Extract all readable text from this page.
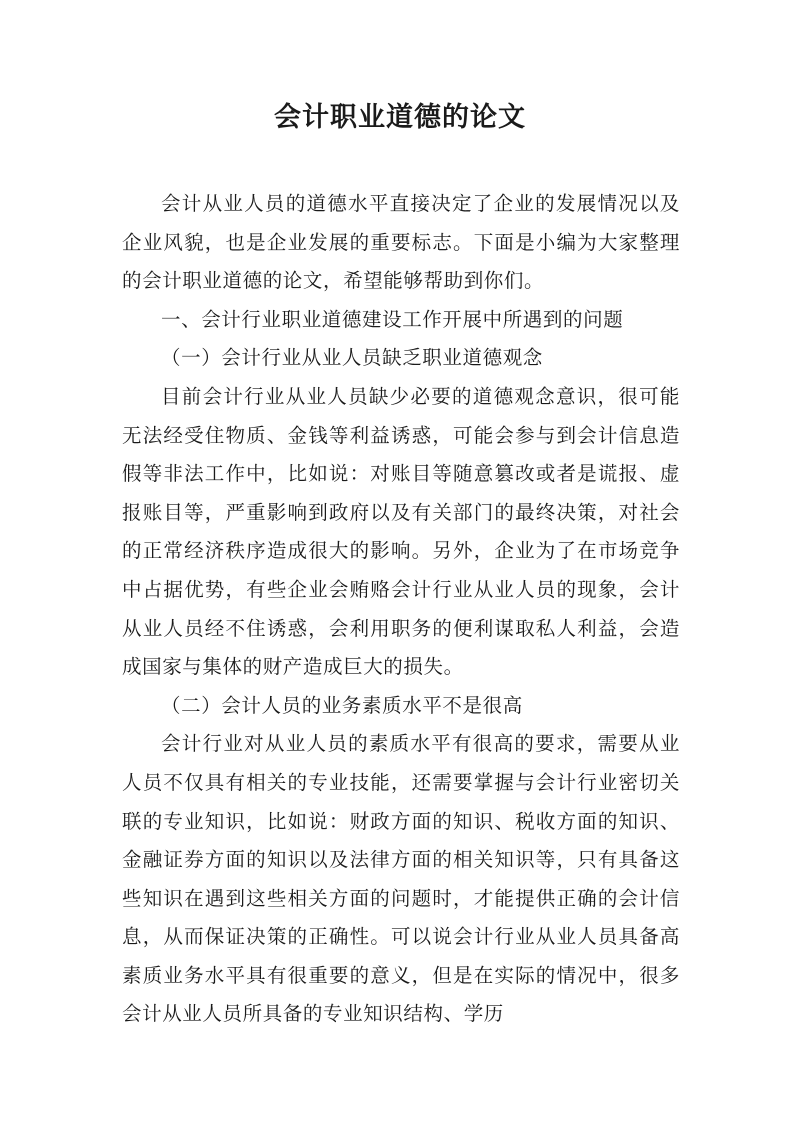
会计职业道德的论文

会计从业人员的道德水平直接决定了企业的发展情况以及企业风貌，也是企业发展的重要标志。下面是小编为大家整理的会计职业道德的论文，希望能够帮助到你们。

一、会计行业职业道德建设工作开展中所遇到的问题

（一）会计行业从业人员缺乏职业道德观念

目前会计行业从业人员缺少必要的道德观念意识，很可能无法经受住物质、金钱等利益诱惑，可能会参与到会计信息造假等非法工作中，比如说：对账目等随意篡改或者是谎报、虚报账目等，严重影响到政府以及有关部门的最终决策，对社会的正常经济秩序造成很大的影响。另外，企业为了在市场竞争中占据优势，有些企业会贿赂会计行业从业人员的现象，会计从业人员经不住诱惑，会利用职务的便利谋取私人利益，会造成国家与集体的财产造成巨大的损失。

（二）会计人员的业务素质水平不是很高

会计行业对从业人员的素质水平有很高的要求，需要从业人员不仅具有相关的专业技能，还需要掌握与会计行业密切关联的专业知识，比如说：财政方面的知识、税收方面的知识、金融证券方面的知识以及法律方面的相关知识等，只有具备这些知识在遇到这些相关方面的问题时，才能提供正确的会计信息，从而保证决策的正确性。可以说会计行业从业人员具备高素质业务水平具有很重要的意义，但是在实际的情况中，很多会计从业人员所具备的专业知识结构、学历
